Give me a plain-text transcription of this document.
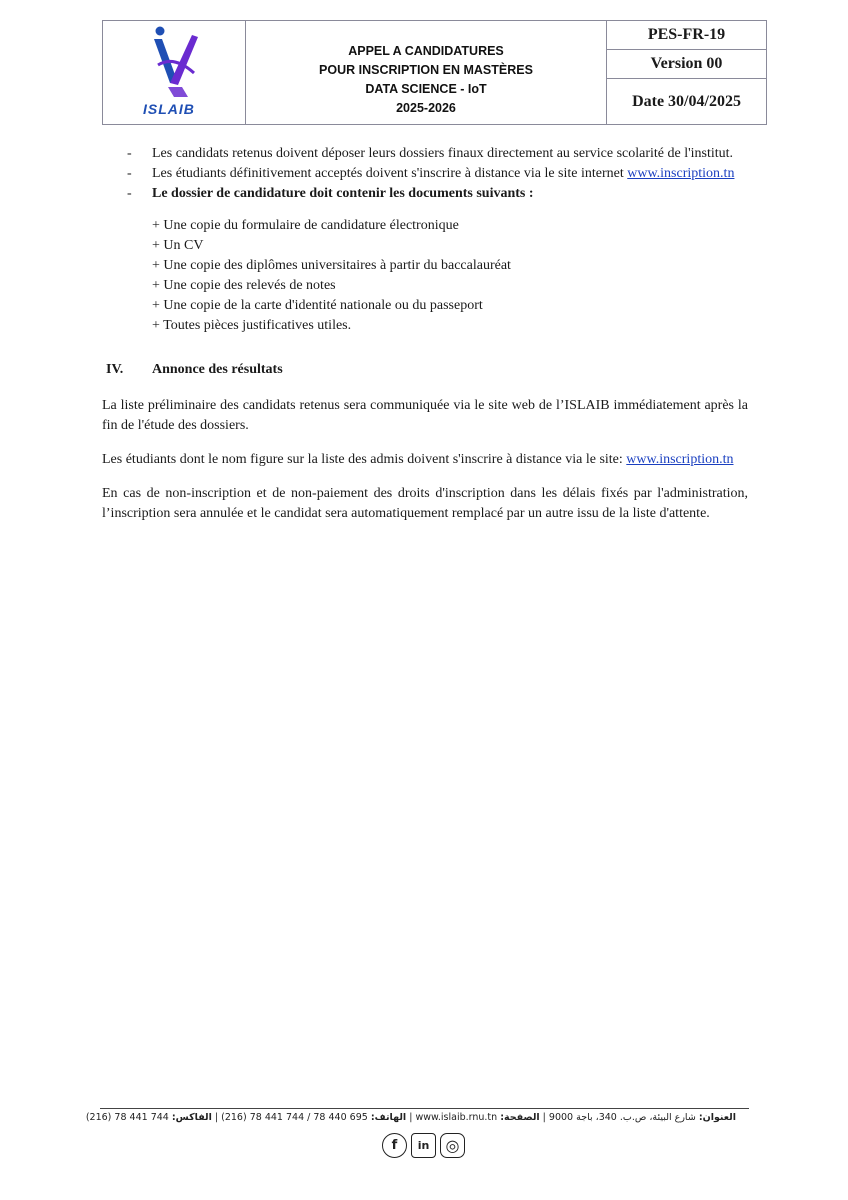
ISLAIB
APPEL A CANDIDATURES
POUR INSCRIPTION EN MASTÈRES
DATA SCIENCE - IoT
2025-2026
PES-FR-19
Version 00
Date 30/04/2025
- Les candidats retenus doivent déposer leurs dossiers finaux directement au service scolarité de l'institut.

- Les étudiants définitivement acceptés doivent s'inscrire à distance via le site internet www.inscription.tn

- Le dossier de candidature doit contenir les documents suivants :

+ Une copie du formulaire de candidature électronique
+ Un CV
+ Une copie des diplômes universitaires à partir du baccalauréat
+ Une copie des relevés de notes
+ Une copie de la carte d'identité nationale ou du passeport
+ Toutes pièces justificatives utiles.
IV.	Annonce des résultats

La liste préliminaire des candidats retenus sera communiquée via le site web de l’ISLAIB immédiatement après la fin de l'étude des dossiers.

Les étudiants dont le nom figure sur la liste des admis doivent s'inscrire à distance via le site: www.inscription.tn

En cas de non-inscription et de non-paiement des droits d'inscription dans les délais fixés par l'administration, l’inscription sera annulée et le candidat sera automatiquement remplacé par un autre issu de la liste d'attente.

العنوان: شارع البيئة، ص.ب. 340، باجة 9000 | الصفحة: www.islaib.rnu.tn | الهاتف: 695 440 78 / 744 441 78 (216) | الفاكس: 744 441 78 (216)
f	in	◎
